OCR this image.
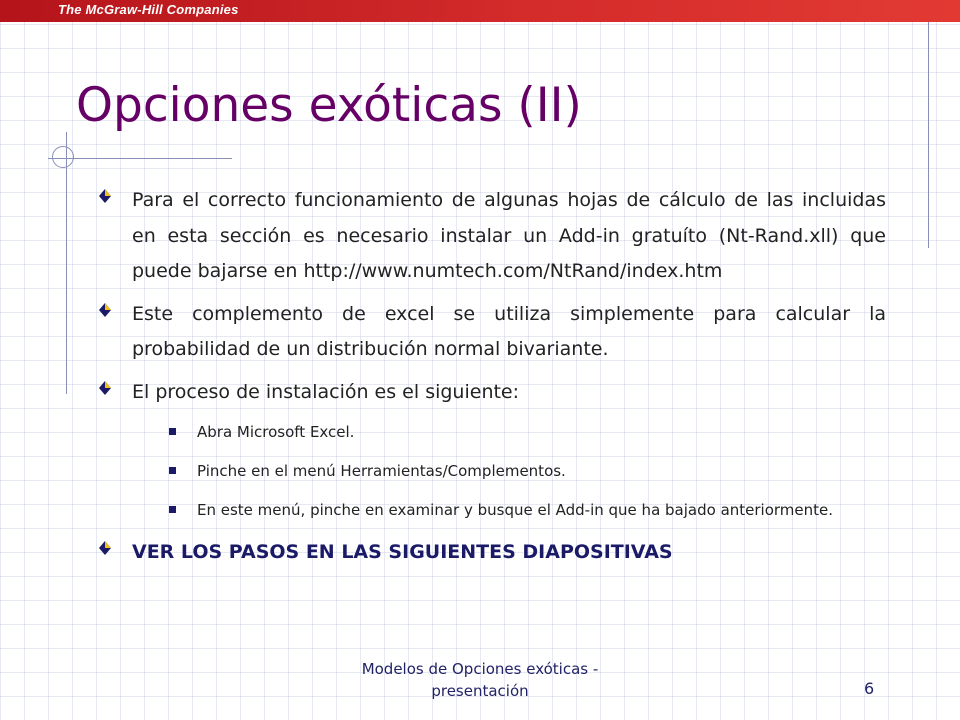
The McGraw-Hill Companies
Opciones exóticas (II)
Para el correcto funcionamiento de algunas hojas de cálculo de las incluidas en esta sección es necesario instalar un Add-in gratuíto (Nt-Rand.xll) que puede bajarse en http://www.numtech.com/NtRand/index.htm
Este complemento de excel se utiliza simplemente para calcular la probabilidad de un distribución normal bivariante.
El proceso de instalación es el siguiente:
Abra Microsoft Excel.
Pinche en el menú Herramientas/Complementos.
En este menú, pinche en examinar y busque el Add-in que ha bajado anteriormente.
VER LOS PASOS EN LAS SIGUIENTES DIAPOSITIVAS
Modelos de Opciones exóticas -
presentación	6
